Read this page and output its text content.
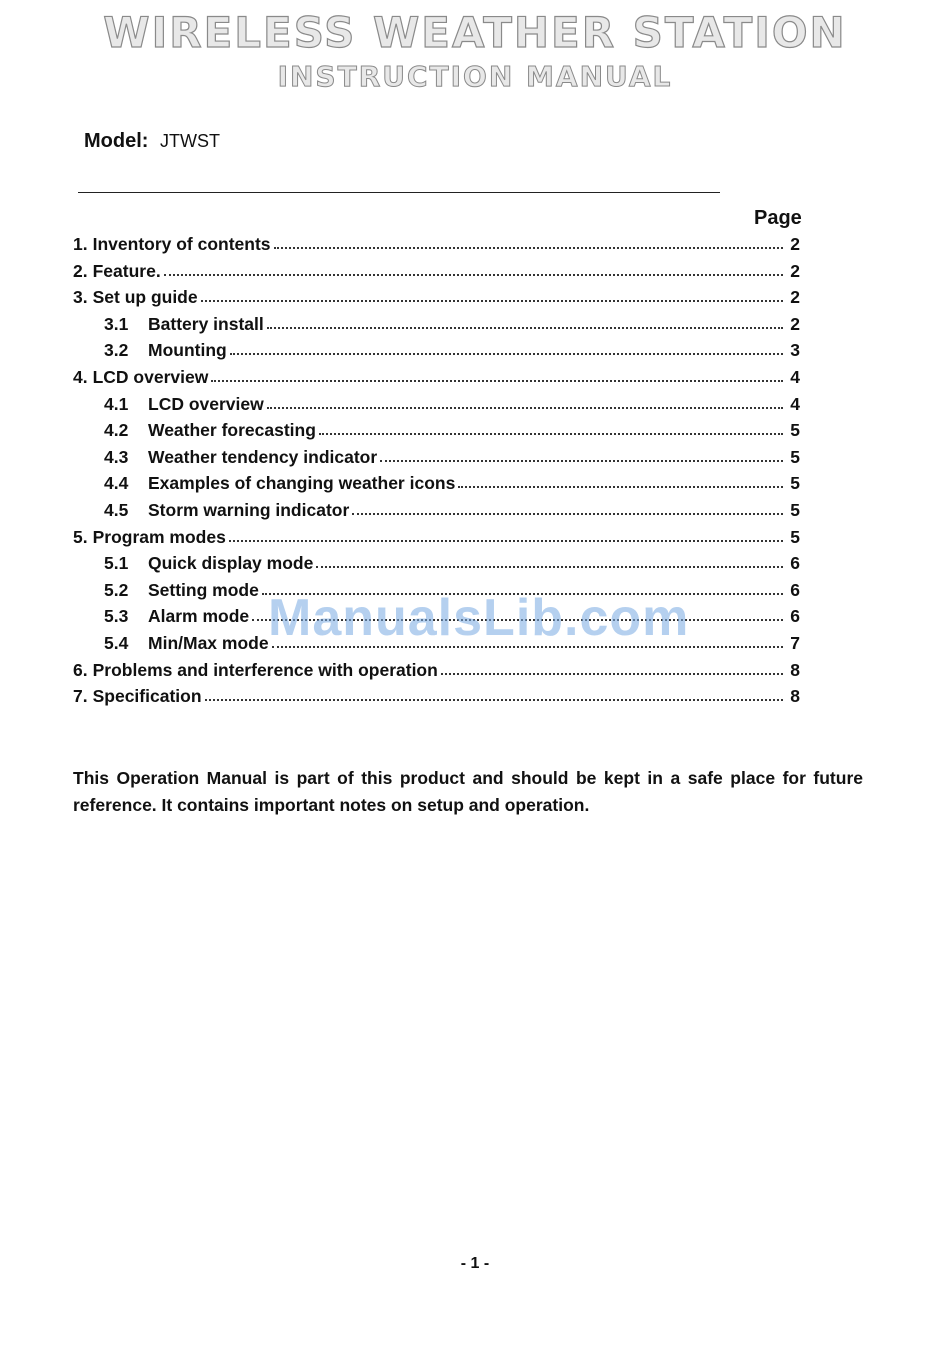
WIRELESS WEATHER STATION
INSTRUCTION MANUAL
Model: JTWST
Page
1. Inventory of contents	2
2. Feature.	2
3. Set up guide	2
3.1	Battery install	2
3.2	Mounting	3
4. LCD overview	4
4.1	LCD overview	4
4.2	Weather forecasting	5
4.3	Weather tendency indicator	5
4.4	Examples of changing weather icons	5
4.5	Storm warning indicator	5
5. Program modes	5
5.1	Quick display mode	6
5.2	Setting mode	6
5.3	Alarm mode	6
5.4	Min/Max mode	7
6. Problems and interference with operation	8
7. Specification	8
ManualsLib.com

This Operation Manual is part of this product and should be kept in a safe place for future reference. It contains important notes on setup and operation.

- 1 -
